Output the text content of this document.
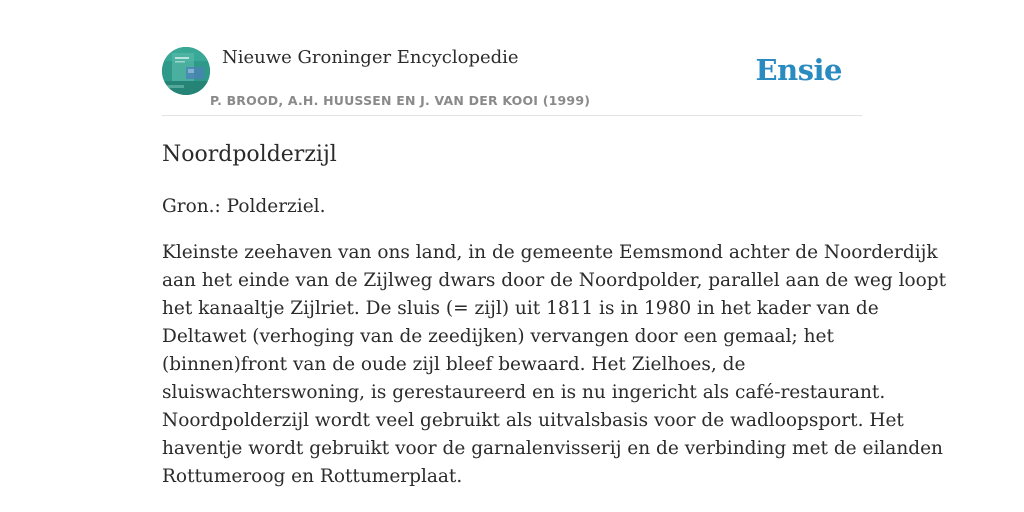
Nieuwe Groninger Encyclopedie
P. BROOD, A.H. HUUSSEN EN J. VAN DER KOOI (1999)
Ensie
Noordpolderzijl

Gron.: Polderziel.

Kleinste zeehaven van ons land, in de gemeente Eemsmond achter de Noorderdijk
aan het einde van de Zijlweg dwars door de Noordpolder, parallel aan de weg loopt
het kanaaltje Zijlriet. De sluis (= zijl) uit 1811 is in 1980 in het kader van de
Deltawet (verhoging van de zeedijken) vervangen door een gemaal; het
(binnen)front van de oude zijl bleef bewaard. Het Zielhoes, de
sluiswachterswoning, is gerestaureerd en is nu ingericht als café-restaurant.
Noordpolderzijl wordt veel gebruikt als uitvalsbasis voor de wadloopsport. Het
haventje wordt gebruikt voor de garnalenvisserij en de verbinding met de eilanden
Rottumeroog en Rottumerplaat.
